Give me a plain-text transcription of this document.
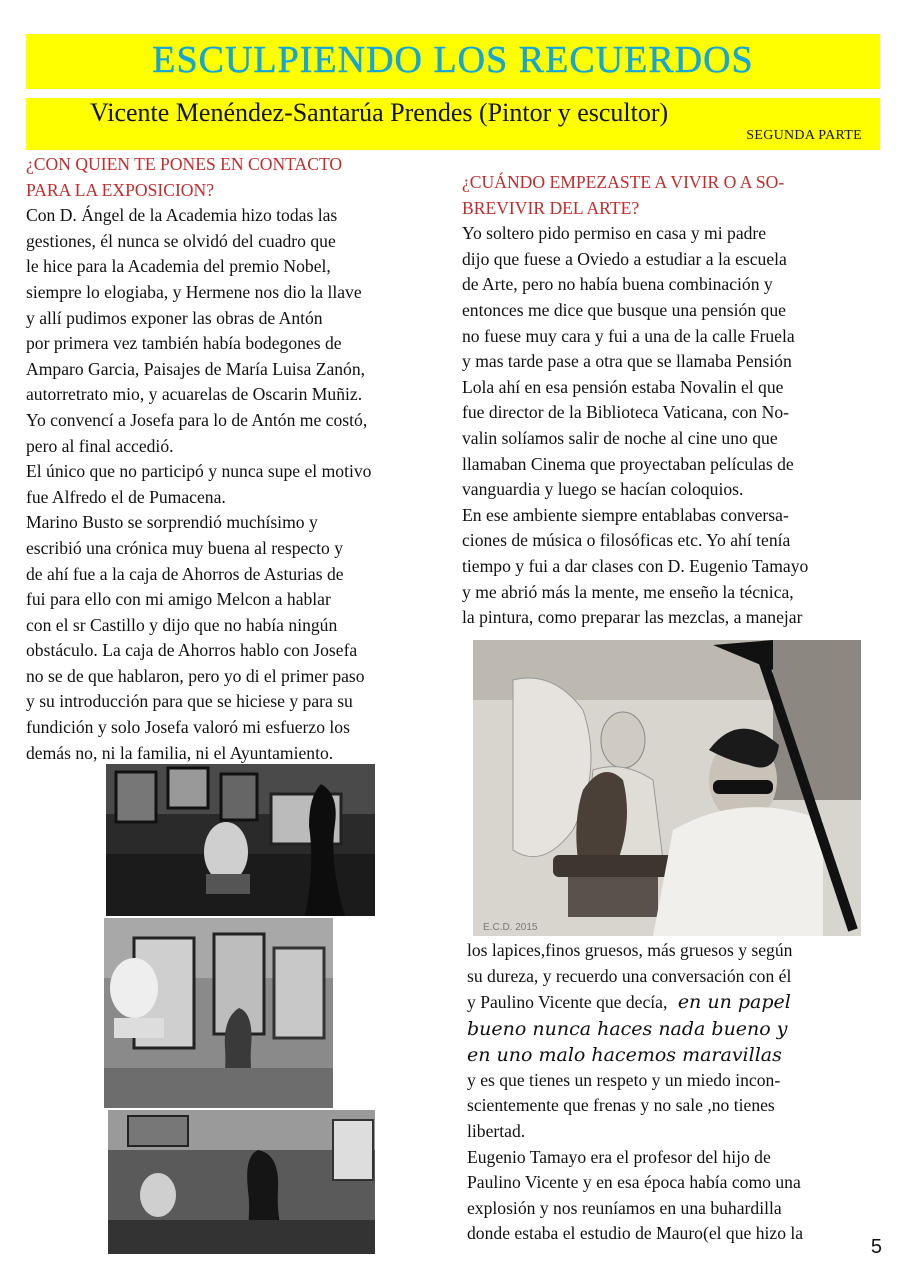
ESCULPIENDO LOS RECUERDOS
Vicente Menéndez-Santarúa Prendes (Pintor y escultor)
SEGUNDA PARTE
¿CON QUIEN TE PONES EN CONTACTO
PARA LA EXPOSICION?
Con D. Ángel de la Academia hizo todas las
gestiones, él nunca se olvidó del cuadro que
le hice para la Academia del premio Nobel,
siempre lo elogiaba, y Hermene nos dio la llave
y allí pudimos exponer las obras de Antón
por primera vez también había bodegones de
Amparo Garcia, Paisajes de María Luisa Zanón,
autorretrato mio, y acuarelas de Oscarin Muñiz.
Yo convencí a Josefa para lo de Antón me costó,
pero al final accedió.
El único que no participó y nunca supe el motivo
fue Alfredo el de Pumacena.
Marino Busto se sorprendió muchísimo y
escribió una crónica muy buena al respecto y
de ahí fue a la caja de Ahorros de Asturias de
fui para ello con mi amigo Melcon a hablar
con el sr Castillo y dijo que no había ningún
obstáculo. La caja de Ahorros hablo con Josefa
no se de que hablaron, pero yo di el primer paso
y su introducción para que se hiciese y para su
fundición y solo Josefa valoró mi esfuerzo los
demás no, ni la familia, ni el Ayuntamiento.
¿CUÁNDO EMPEZASTE A VIVIR O A SO-
BREVIVIR DEL ARTE?
Yo soltero pido permiso en casa y mi padre
dijo que fuese a Oviedo a estudiar a la escuela
de Arte, pero no había buena combinación y
entonces me dice que busque una pensión que
no fuese muy cara y fui a una de la calle Fruela
y mas tarde pase a otra que se llamaba Pensión
Lola ahí en esa pensión estaba Novalin el que
fue director de la Biblioteca Vaticana, con No-
valin solíamos salir de noche al cine uno que
llamaban Cinema que proyectaban películas de
vanguardia y luego se hacían coloquios.
En ese ambiente siempre entablabas conversa-
ciones de música o filosóficas etc. Yo ahí tenía
tiempo y fui a dar clases con D. Eugenio Tamayo
y me abrió más la mente, me enseño la técnica,
la pintura, como preparar las mezclas, a manejar
E.C.D. 2015
los lapices,finos gruesos, más gruesos y según
su dureza, y recuerdo una conversación con él
y Paulino Vicente que decía, en un papel
bueno nunca haces nada bueno y
en uno malo hacemos maravillas
y es que tienes un respeto y un miedo incon-
scientemente que frenas y no sale ,no tienes
libertad.
Eugenio Tamayo era el profesor del hijo de
Paulino Vicente y en esa época había como una
explosión y nos reuníamos en una buhardilla
donde estaba el estudio de Mauro(el que hizo la
5
